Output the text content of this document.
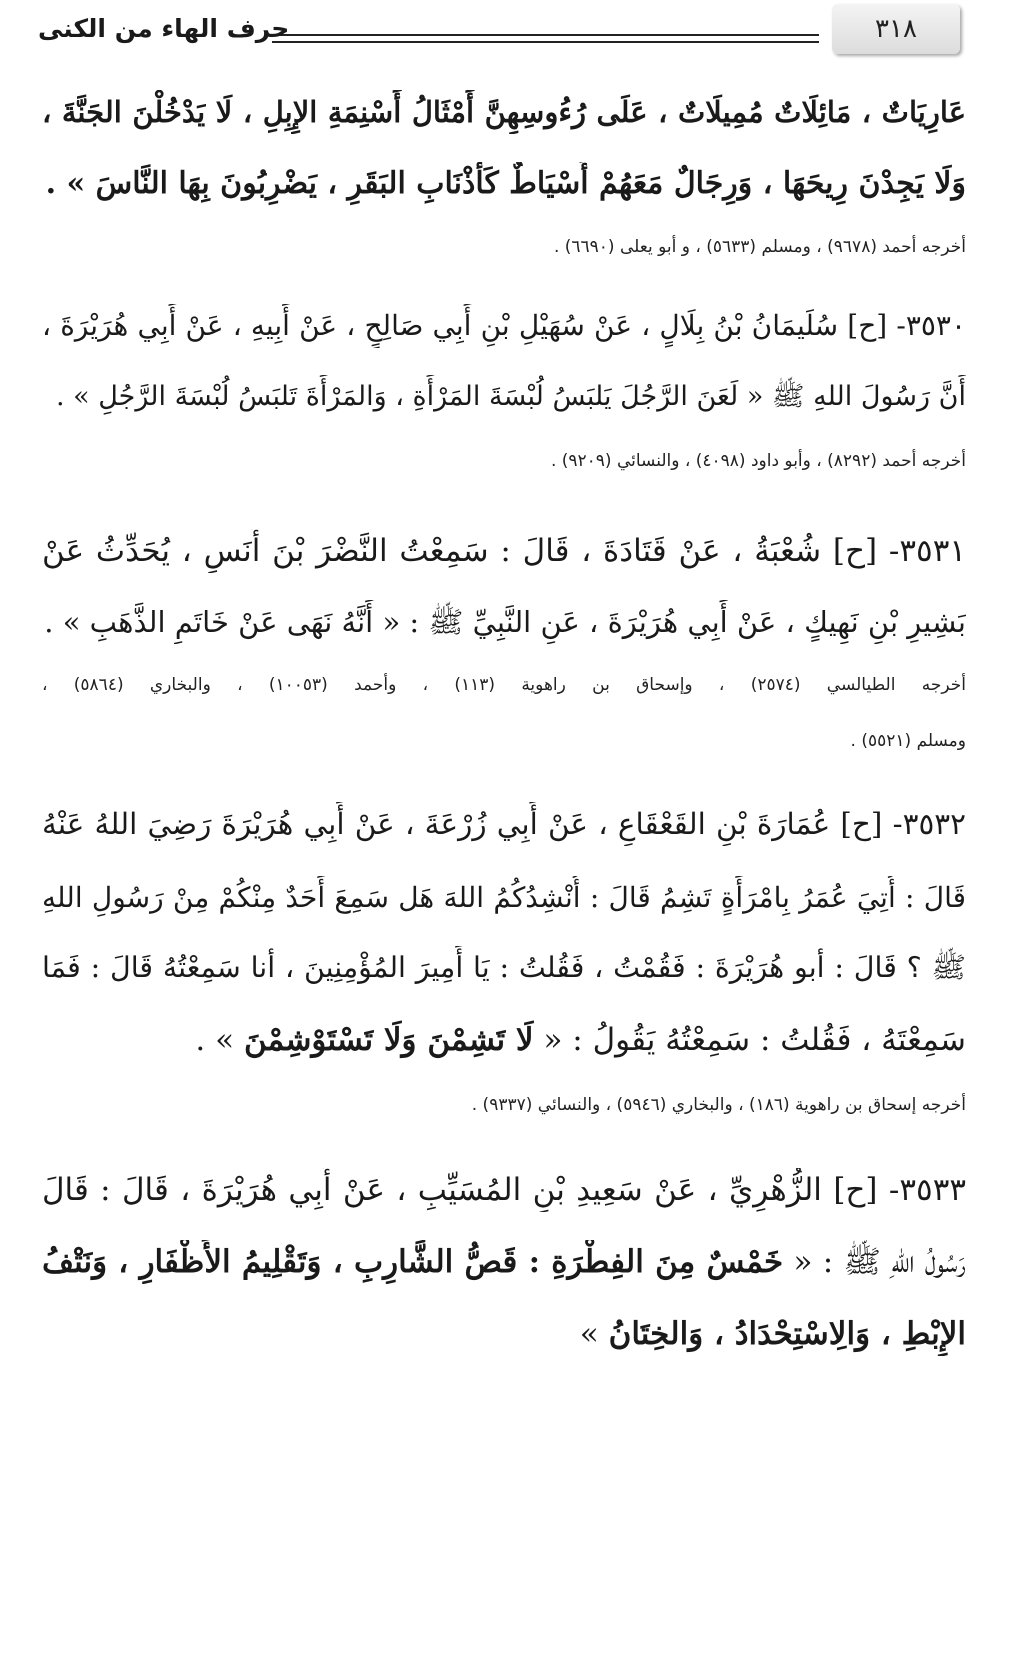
٣١٨
حرف الهاء من الكنى
عَارِيَاتٌ ، مَائِلَاتٌ مُمِيلَاتٌ ، عَلَى رُءُوسِهِنَّ أَمْثَالُ أَسْنِمَةِ الإِبِلِ ، لَا يَدْخُلْنَ الجَنَّةَ ،
وَلَا يَجِدْنَ رِيحَهَا ، وَرِجَالٌ مَعَهُمْ أَسْيَاطٌ كَأَذْنَابِ البَقَرِ ، يَضْرِبُونَ بِهَا النَّاسَ » .
أخرجه أحمد (٩٦٧٨) ، ومسلم (٥٦٣٣) ، و أبو يعلى (٦٦٩٠) .
٣٥٣٠- [ح] سُلَيمَانُ بْنُ بِلَالٍ ، عَنْ سُهَيْلِ بْنِ أَبِي صَالِحٍ ، عَنْ أَبِيهِ ، عَنْ أَبِي هُرَيْرَةَ ،
أَنَّ رَسُولَ اللهِ ﷺ « لَعَنَ الرَّجُلَ يَلبَسُ لُبْسَةَ المَرْأَةِ ، وَالمَرْأَةَ تَلبَسُ لُبْسَةَ الرَّجُلِ » .
أخرجه أحمد (٨٢٩٢) ، وأبو داود (٤٠٩٨) ، والنسائي (٩٢٠٩) .
٣٥٣١- [ح] شُعْبَةُ ، عَنْ قَتَادَةَ ، قَالَ : سَمِعْتُ النَّضْرَ بْنَ أَنَسٍ ، يُحَدِّثُ عَنْ
بَشِيرِ بْنِ نَهِيكٍ ، عَنْ أَبِي هُرَيْرَةَ ، عَنِ النَّبِيِّ ﷺ : « أَنَّهُ نَهَى عَنْ خَاتَمِ الذَّهَبِ » .
أخرجه الطيالسي (٢٥٧٤) ، وإسحاق بن راهوية (١١٣) ، وأحمد (١٠٠٥٣) ، والبخاري (٥٨٦٤) ،
ومسلم (٥٥٢١) .
٣٥٣٢- [ح] عُمَارَةَ بْنِ القَعْقَاعِ ، عَنْ أَبِي زُرْعَةَ ، عَنْ أَبِي هُرَيْرَةَ رَضِيَ اللهُ عَنْهُ
قَالَ : أُتِيَ عُمَرُ بِامْرَأَةٍ تَشِمُ قَالَ : أُنْشِدُكُمُ اللهَ هَل سَمِعَ أَحَدٌ مِنْكُمْ مِنْ رَسُولِ اللهِ
ﷺ ؟ قَالَ : أبو هُرَيْرَةَ : فَقُمْتُ ، فَقُلتُ : يَا أَمِيرَ المُؤْمِنِينَ ، أنا سَمِعْتُهُ قَالَ : فَمَا
سَمِعْتَهُ ، فَقُلتُ : سَمِعْتُهُ يَقُولُ : « لَا تَشِمْنَ وَلَا تَسْتَوْشِمْنَ » .
أخرجه إسحاق بن راهوية (١٨٦) ، والبخاري (٥٩٤٦) ، والنسائي (٩٣٣٧) .
٣٥٣٣- [ح] الزُّهْرِيِّ ، عَنْ سَعِيدِ بْنِ المُسَيِّبِ ، عَنْ أَبِي هُرَيْرَةَ ، قَالَ : قَالَ
رَسُولُ اللهِ ﷺ : « خَمْسٌ مِنَ الفِطْرَةِ : قَصُّ الشَّارِبِ ، وَتَقْلِيمُ الأَظْفَارِ ، وَنَتْفُ
الإِبْطِ ، وَالِاسْتِحْدَادُ ، وَالخِتَانُ »
